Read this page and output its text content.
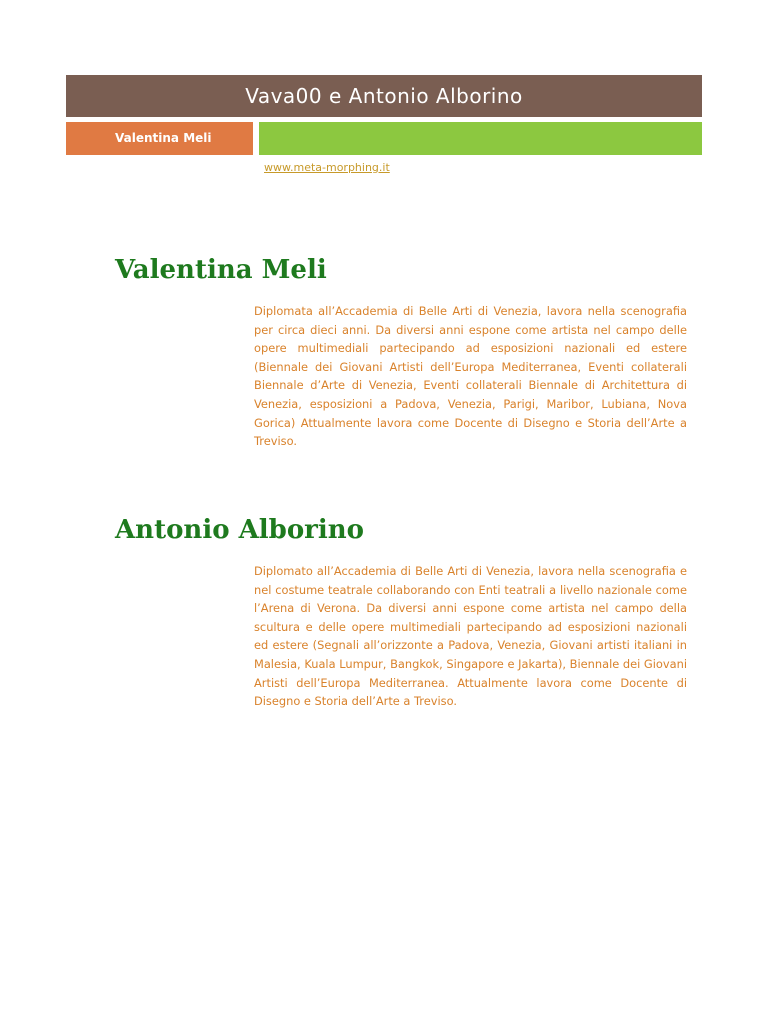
Vava00 e Antonio Alborino
Valentina Meli
www.meta-morphing.it
Valentina Meli

Diplomata all’Accademia di Belle Arti di Venezia, lavora nella scenografia per circa dieci anni. Da diversi anni espone come artista nel campo delle opere multimediali partecipando ad esposizioni nazionali ed estere (Biennale dei Giovani Artisti dell’Europa Mediterranea, Eventi collaterali Biennale d’Arte di Venezia, Eventi collaterali Biennale di Architettura di Venezia, esposizioni a Padova, Venezia, Parigi, Maribor, Lubiana, Nova Gorica) Attualmente lavora come Docente di Disegno e Storia dell’Arte a Treviso.

Antonio Alborino

Diplomato all’Accademia di Belle Arti di Venezia, lavora nella scenografia e nel costume teatrale collaborando con Enti teatrali a livello nazionale come l’Arena di Verona. Da diversi anni espone come artista nel campo della scultura e delle opere multimediali partecipando ad esposizioni nazionali ed estere (Segnali all’orizzonte a Padova, Venezia, Giovani artisti italiani in Malesia, Kuala Lumpur, Bangkok, Singapore e Jakarta), Biennale dei Giovani Artisti dell’Europa Mediterranea. Attualmente lavora come Docente di Disegno e Storia dell’Arte a Treviso.
